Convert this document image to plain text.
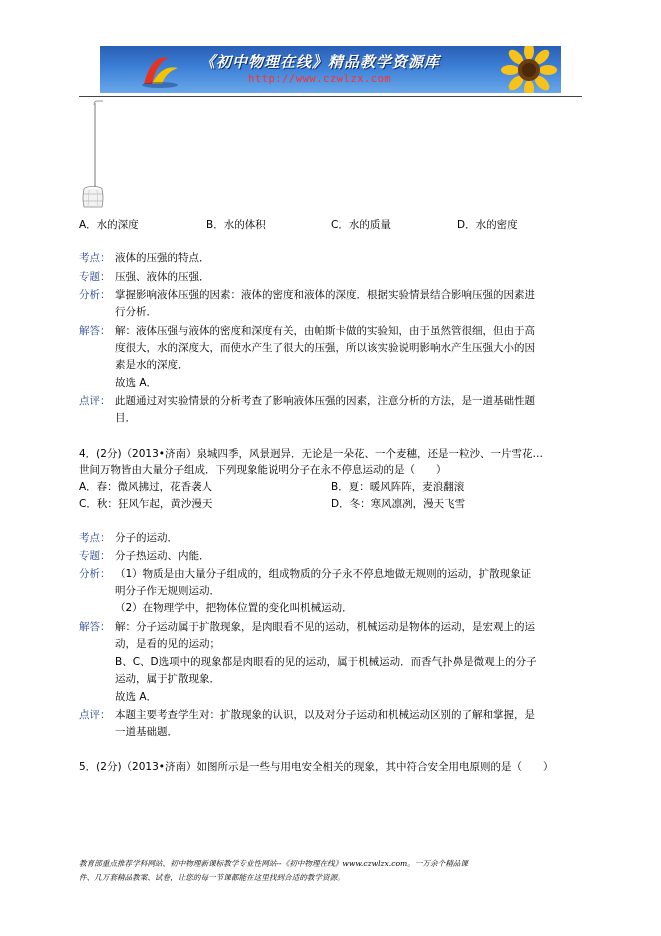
《初中物理在线》精品教学资源库
http://www.czwlzx.com
A．水的深度	B．水的体积	C．水的质量	D．水的密度
考点： 液体的压强的特点．
专题： 压强、液体的压强．
分析： 掌握影响液体压强的因素：液体的密度和液体的深度．根据实验情景结合影响压强的因素进
行分析．
解答： 解：液体压强与液体的密度和深度有关，由帕斯卡做的实验知，由于虽然管很细，但由于高
度很大，水的深度大，而使水产生了很大的压强，所以该实验说明影响水产生压强大小的因
素是水的深度．
故选 A．
点评： 此题通过对实验情景的分析考查了影响液体压强的因素，注意分析的方法，是一道基础性题
目．
4．(2分)（2013•济南）泉城四季，风景迥异．无论是一朵花、一个麦穗，还是一粒沙、一片雪花…
世间万物皆由大量分子组成．下列现象能说明分子在永不停息运动的是（　　）
A．春：微风拂过，花香袭人	B．夏：暖风阵阵，麦浪翻滚
C．秋：狂风乍起，黄沙漫天	D．冬：寒风凛冽，漫天飞雪
考点： 分子的运动．
专题： 分子热运动、内能．
分析： （1）物质是由大量分子组成的，组成物质的分子永不停息地做无规则的运动，扩散现象证
明分子作无规则运动．
（2）在物理学中，把物体位置的变化叫机械运动．
解答： 解：分子运动属于扩散现象，是肉眼看不见的运动，机械运动是物体的运动，是宏观上的运
动，是看的见的运动；
B、C、D选项中的现象都是肉眼看的见的运动，属于机械运动．而香气扑鼻是微观上的分子
运动，属于扩散现象．
故选 A．
点评： 本题主要考查学生对：扩散现象的认识，以及对分子运动和机械运动区别的了解和掌握，是
一道基础题．
5．(2分)（2013•济南）如图所示是一些与用电安全相关的现象，其中符合安全用电原则的是（　　）
教育部重点推荐学科网站、初中物理新课标教学专业性网站--《初中物理在线》www.czwlzx.com。一万余个精品课
件、几万套精品教案、试卷，让您的每一节课都能在这里找到合适的教学资源。
